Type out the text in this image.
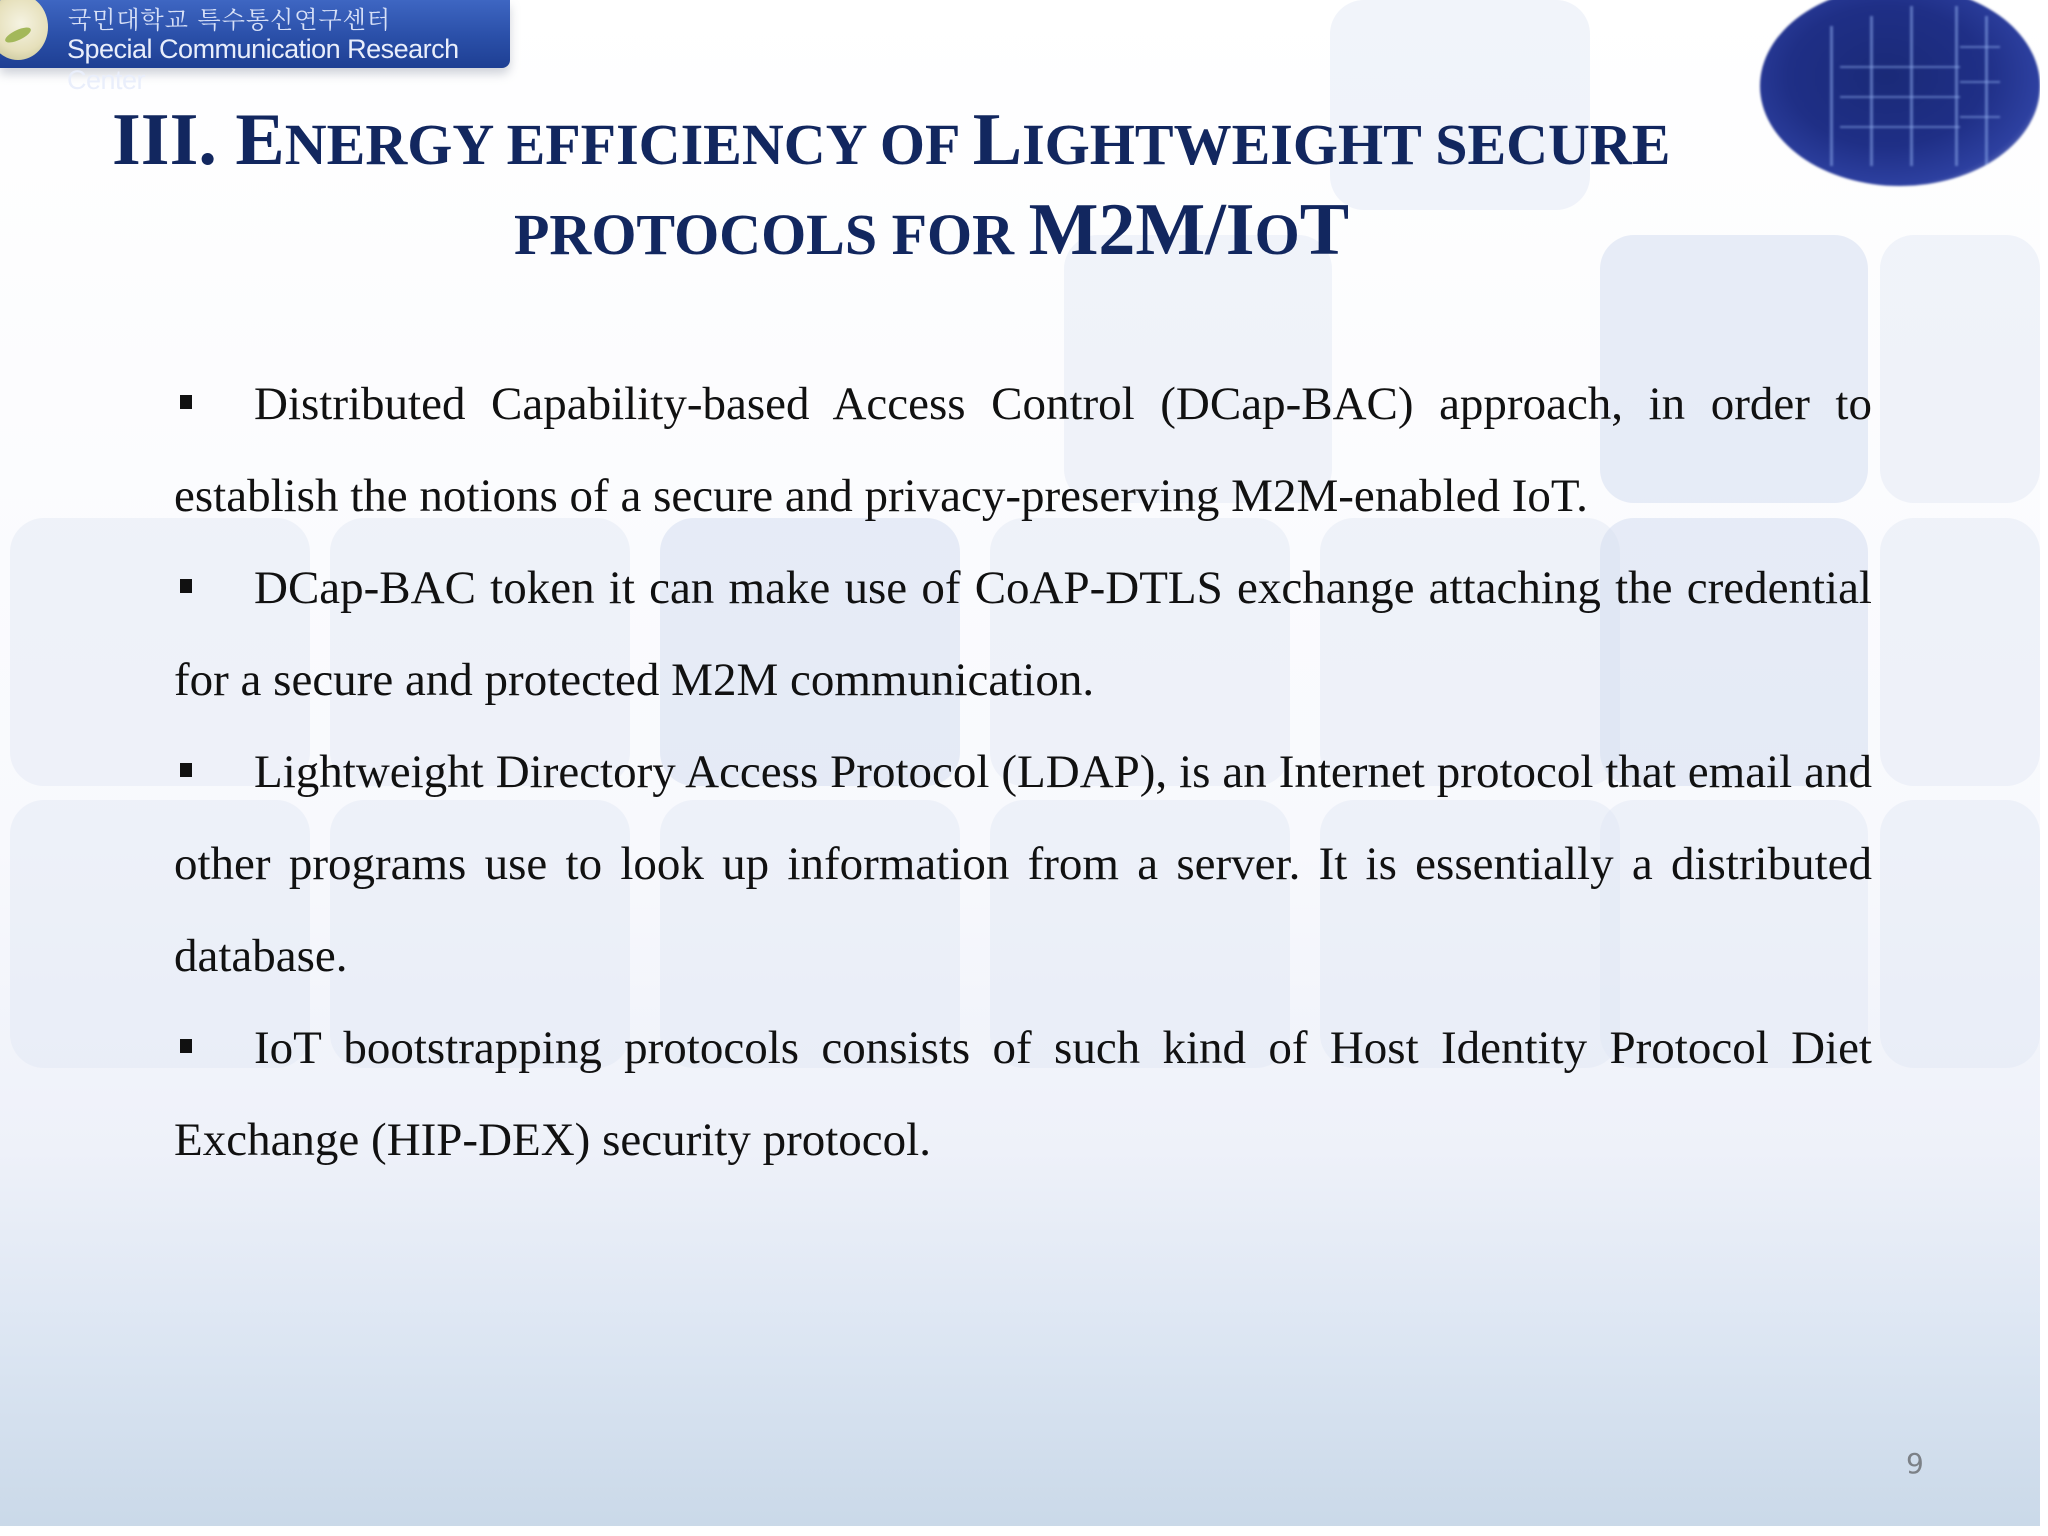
국민대학교 특수통신연구센터
Special Communication Research Center
III. ENERGY EFFICIENCY OF LIGHTWEIGHT SECURE
PROTOCOLS FOR M2M/IOT

Distributed Capability-based Access Control (DCap-BAC) approach, in order to establish the notions of a secure and privacy-preserving M2M-enabled IoT.

DCap-BAC token it can make use of CoAP-DTLS exchange attaching the credential for a secure and protected M2M communication.

Lightweight Directory Access Protocol (LDAP), is an Internet protocol that email and other programs use to look up information from a server. It is essentially a distributed database.

IoT bootstrapping protocols consists of such kind of Host Identity Protocol Diet Exchange (HIP-DEX) security protocol.

9
